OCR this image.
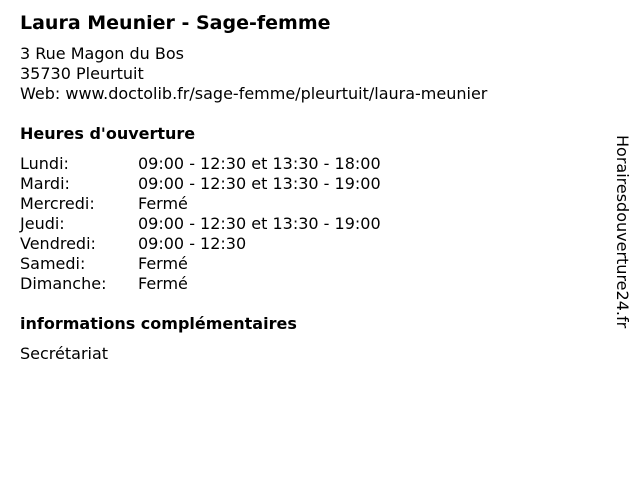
Laura Meunier - Sage-femme
3 Rue Magon du Bos
35730 Pleurtuit
Web: www.doctolib.fr/sage-femme/pleurtuit/laura-meunier
Heures d'ouverture
Lundi:	09:00 - 12:30 et 13:30 - 18:00
Mardi:	09:00 - 12:30 et 13:30 - 19:00
Mercredi:	Fermé
Jeudi:	09:00 - 12:30 et 13:30 - 19:00
Vendredi:	09:00 - 12:30
Samedi:	Fermé
Dimanche:	Fermé
informations complémentaires
Secrétariat
Horairesdouverture24.fr
